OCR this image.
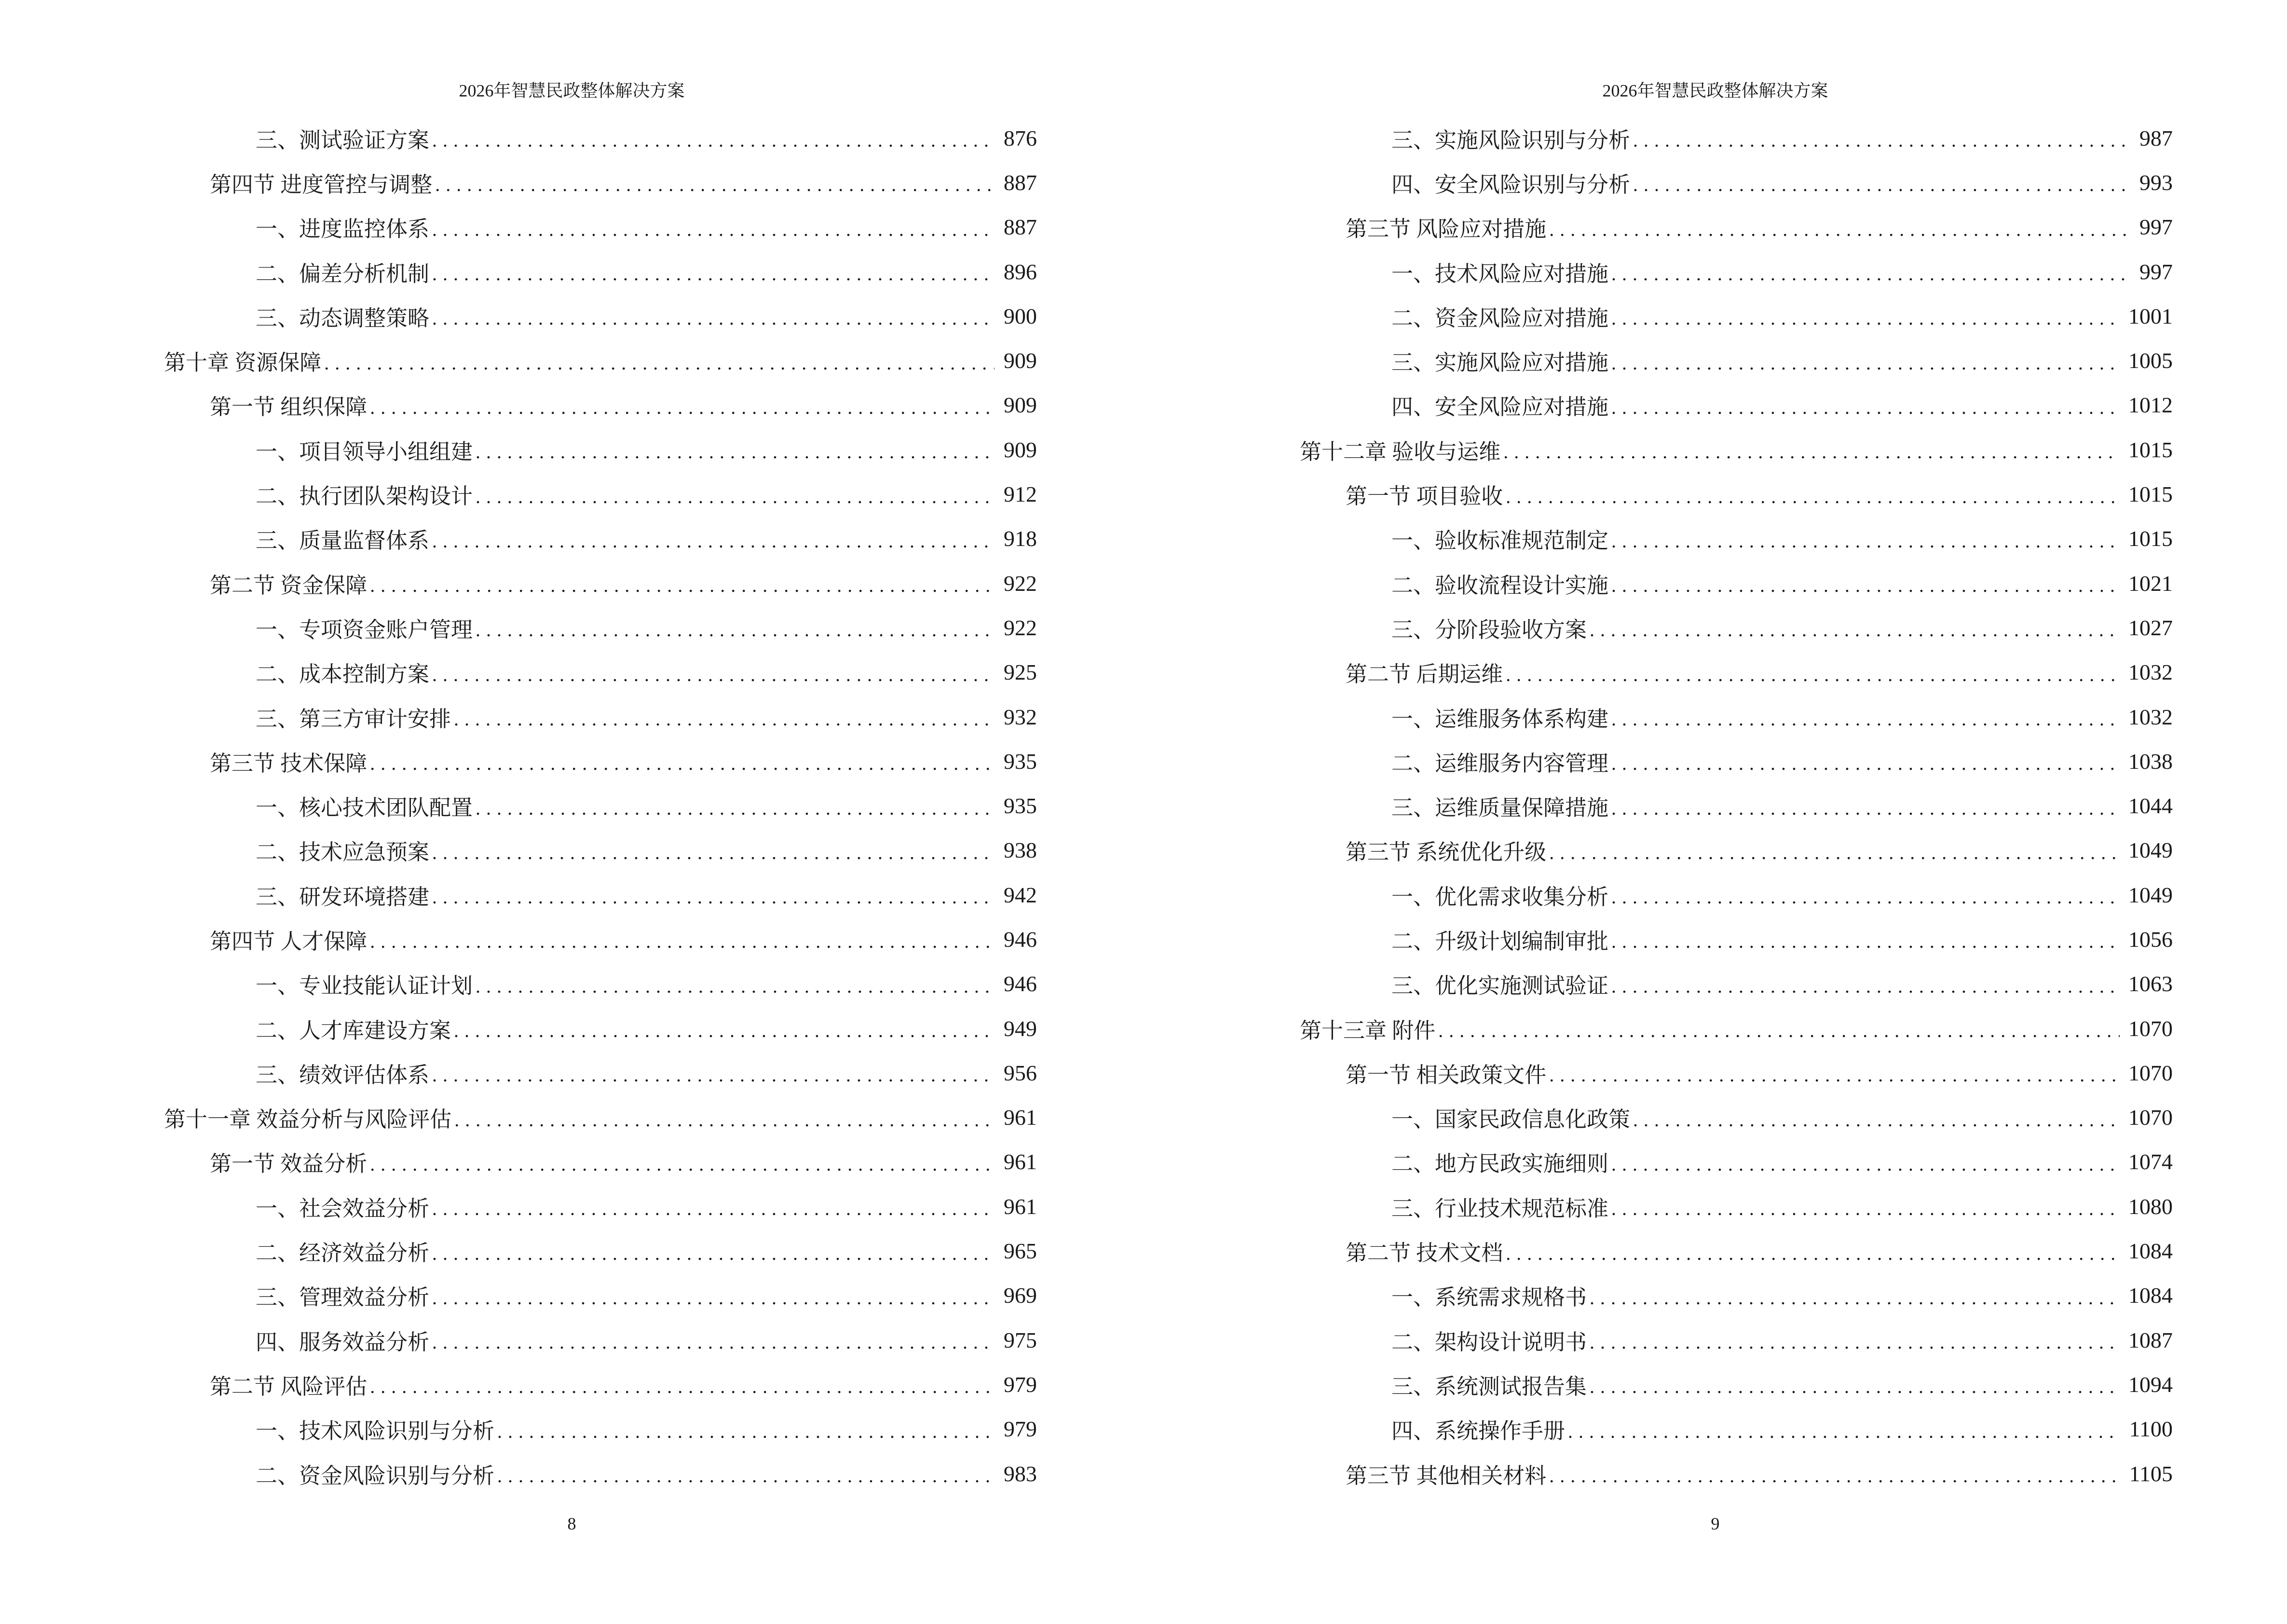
2026年智慧民政整体解决方案
三、测试验证方案 . . .	876
第四节 进度管控与调整 . . .	887
一、进度监控体系 . . .	887
二、偏差分析机制 . . .	896
三、动态调整策略 . . .	900
第十章 资源保障 . . .	909
第一节 组织保障 . . .	909
一、项目领导小组组建 . . .	909
二、执行团队架构设计 . . .	912
三、质量监督体系 . . .	918
第二节 资金保障 . . .	922
一、专项资金账户管理 . . .	922
二、成本控制方案 . . .	925
三、第三方审计安排 . . .	932
第三节 技术保障 . . .	935
一、核心技术团队配置 . . .	935
二、技术应急预案 . . .	938
三、研发环境搭建 . . .	942
第四节 人才保障 . . .	946
一、专业技能认证计划 . . .	946
二、人才库建设方案 . . .	949
三、绩效评估体系 . . .	956
第十一章 效益分析与风险评估 . . .	961
第一节 效益分析 . . .	961
一、社会效益分析 . . .	961
二、经济效益分析 . . .	965
三、管理效益分析 . . .	969
四、服务效益分析 . . .	975
第二节 风险评估 . . .	979
一、技术风险识别与分析 . . .	979
二、资金风险识别与分析 . . .	983
8
2026年智慧民政整体解决方案
三、实施风险识别与分析 . . .	987
四、安全风险识别与分析 . . .	993
第三节 风险应对措施 . . .	997
一、技术风险应对措施 . . .	997
二、资金风险应对措施 . . .	1001
三、实施风险应对措施 . . .	1005
四、安全风险应对措施 . . .	1012
第十二章 验收与运维 . . .	1015
第一节 项目验收 . . .	1015
一、验收标准规范制定 . . .	1015
二、验收流程设计实施 . . .	1021
三、分阶段验收方案 . . .	1027
第二节 后期运维 . . .	1032
一、运维服务体系构建 . . .	1032
二、运维服务内容管理 . . .	1038
三、运维质量保障措施 . . .	1044
第三节 系统优化升级 . . .	1049
一、优化需求收集分析 . . .	1049
二、升级计划编制审批 . . .	1056
三、优化实施测试验证 . . .	1063
第十三章 附件 . . .	1070
第一节 相关政策文件 . . .	1070
一、国家民政信息化政策 . . .	1070
二、地方民政实施细则 . . .	1074
三、行业技术规范标准 . . .	1080
第二节 技术文档 . . .	1084
一、系统需求规格书 . . .	1084
二、架构设计说明书 . . .	1087
三、系统测试报告集 . . .	1094
四、系统操作手册 . . .	1100
第三节 其他相关材料 . . .	1105
9
